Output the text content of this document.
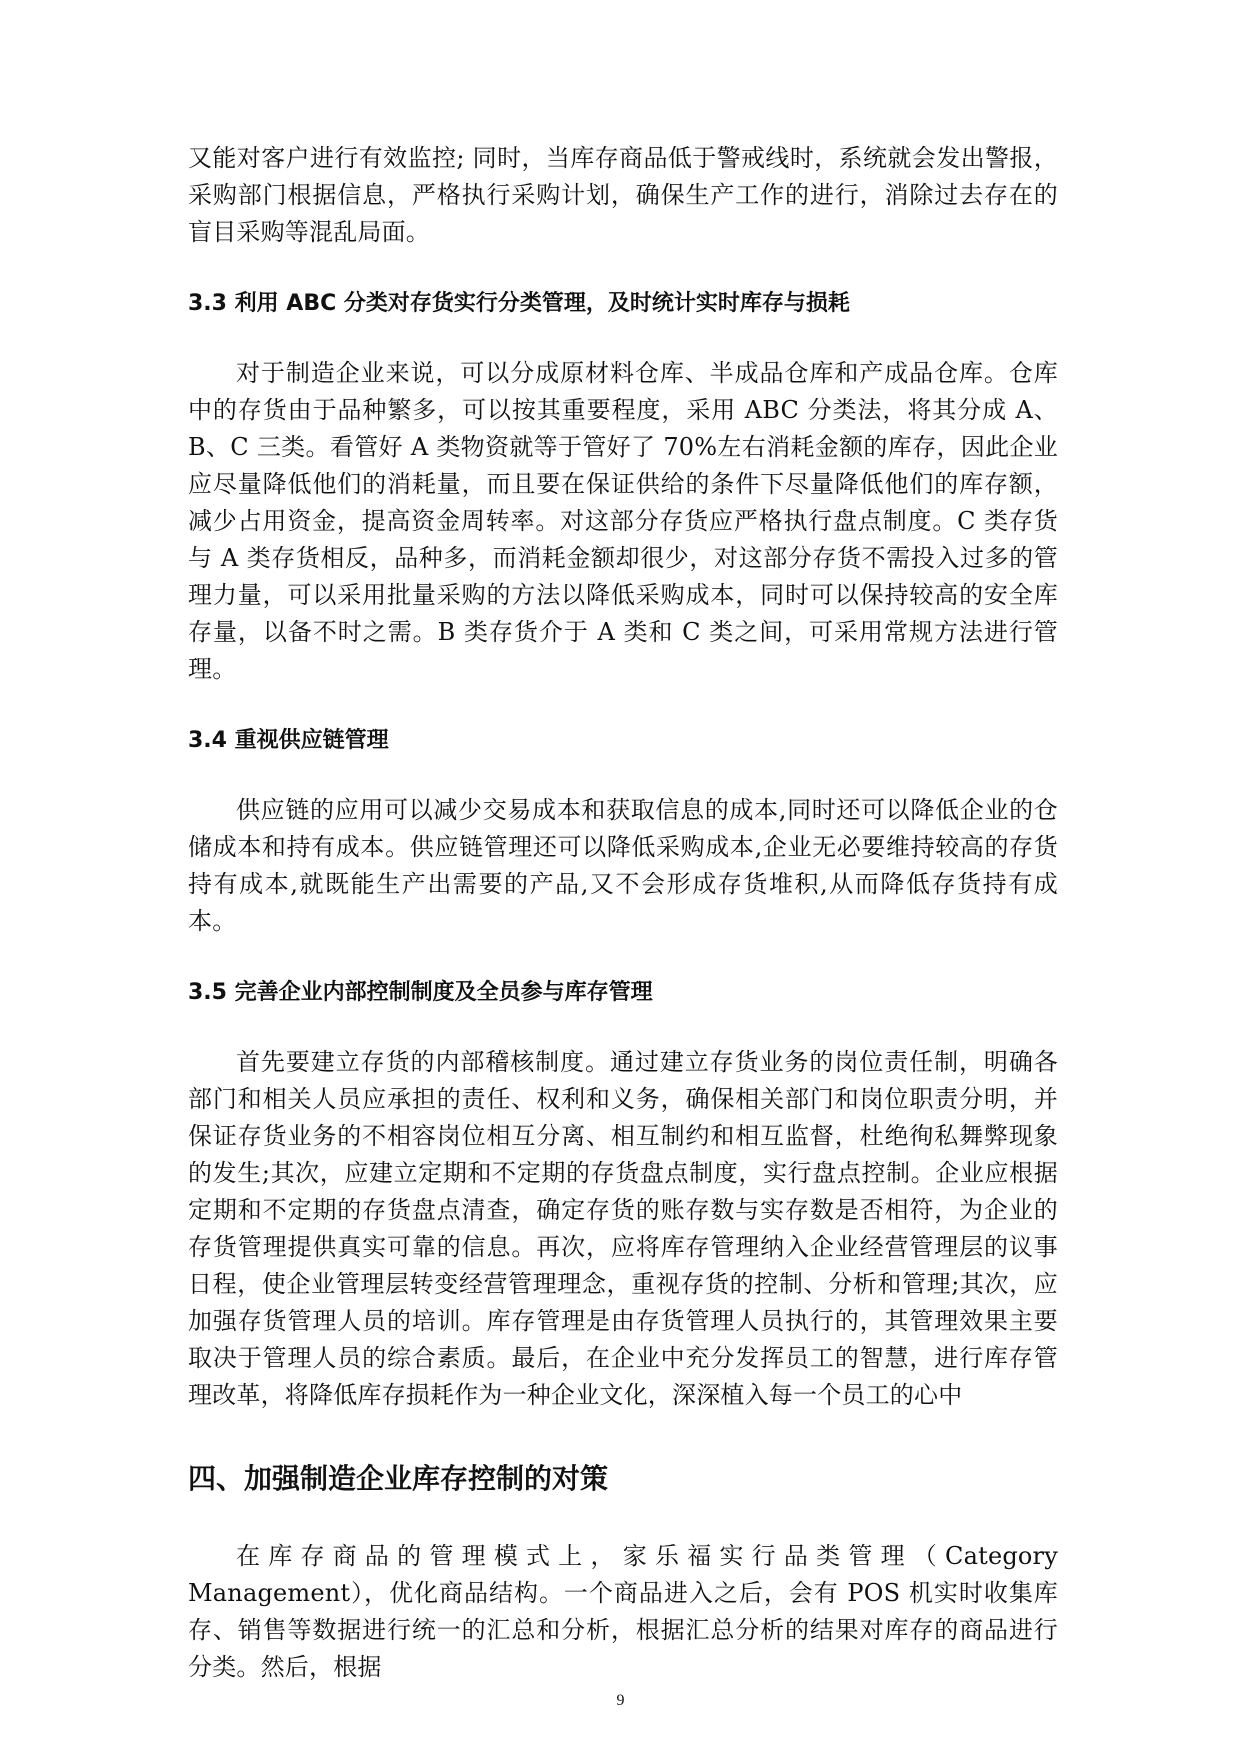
又能对客户进行有效监控; 同时，当库存商品低于警戒线时，系统就会发出警报，采购部门根据信息，严格执行采购计划，确保生产工作的进行，消除过去存在的盲目采购等混乱局面。

3.3 利用 ABC 分类对存货实行分类管理，及时统计实时库存与损耗

对于制造企业来说，可以分成原材料仓库、半成品仓库和产成品仓库。仓库中的存货由于品种繁多，可以按其重要程度，采用 ABC 分类法，将其分成 A、B、C 三类。看管好 A 类物资就等于管好了 70%左右消耗金额的库存，因此企业应尽量降低他们的消耗量，而且要在保证供给的条件下尽量降低他们的库存额，减少占用资金，提高资金周转率。对这部分存货应严格执行盘点制度。C 类存货与 A 类存货相反，品种多，而消耗金额却很少，对这部分存货不需投入过多的管理力量，可以采用批量采购的方法以降低采购成本，同时可以保持较高的安全库存量，以备不时之需。B 类存货介于 A 类和 C 类之间，可采用常规方法进行管理。

3.4 重视供应链管理

供应链的应用可以减少交易成本和获取信息的成本,同时还可以降低企业的仓储成本和持有成本。供应链管理还可以降低采购成本,企业无必要维持较高的存货持有成本,就既能生产出需要的产品,又不会形成存货堆积,从而降低存货持有成本。

3.5 完善企业内部控制制度及全员参与库存管理

首先要建立存货的内部稽核制度。通过建立存货业务的岗位责任制，明确各部门和相关人员应承担的责任、权利和义务，确保相关部门和岗位职责分明，并保证存货业务的不相容岗位相互分离、相互制约和相互监督，杜绝徇私舞弊现象的发生;其次，应建立定期和不定期的存货盘点制度，实行盘点控制。企业应根据定期和不定期的存货盘点清查，确定存货的账存数与实存数是否相符，为企业的存货管理提供真实可靠的信息。再次，应将库存管理纳入企业经营管理层的议事日程，使企业管理层转变经营管理理念，重视存货的控制、分析和管理;其次，应加强存货管理人员的培训。库存管理是由存货管理人员执行的，其管理效果主要取决于管理人员的综合素质。最后，在企业中充分发挥员工的智慧，进行库存管理改革，将降低库存损耗作为一种企业文化，深深植入每一个员工的心中

四、加强制造企业库存控制的对策

在库存商品的管理模式上，家乐福实行品类管理（Category Management），优化商品结构。一个商品进入之后，会有 POS 机实时收集库存、销售等数据进行统一的汇总和分析，根据汇总分析的结果对库存的商品进行分类。然后，根据

9
